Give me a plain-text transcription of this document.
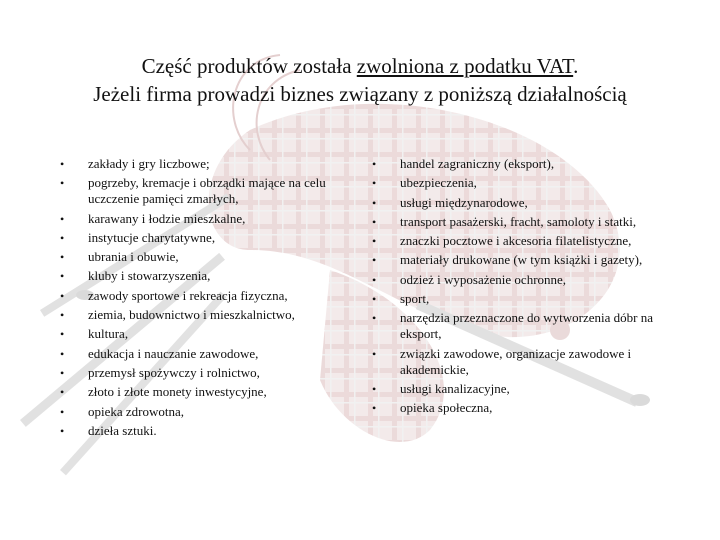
Część produktów została zwolniona z podatku VAT.
Jeżeli firma prowadzi biznes związany z poniższą działalnością
• zakłady i gry liczbowe;
• pogrzeby, kremacje i obrządki mające na celu uczczenie pamięci zmarłych,
• karawany i łodzie mieszkalne,
• instytucje charytatywne,
• ubrania i obuwie,
• kluby i stowarzyszenia,
• zawody sportowe i rekreacja fizyczna,
• ziemia, budownictwo i mieszkalnictwo,
• kultura,
• edukacja i nauczanie zawodowe,
• przemysł spożywczy i rolnictwo,
• złoto i złote monety inwestycyjne,
• opieka zdrowotna,
• dzieła sztuki.
• handel zagraniczny (eksport),
• ubezpieczenia,
• usługi międzynarodowe,
• transport pasażerski, fracht, samoloty i statki,
• znaczki pocztowe i akcesoria filatelistyczne,
• materiały drukowane (w tym książki i gazety),
• odzież i wyposażenie ochronne,
• sport,
• narzędzia przeznaczone do wytworzenia dóbr na eksport,
• związki zawodowe, organizacje zawodowe i akademickie,
• usługi kanalizacyjne,
• opieka społeczna,
